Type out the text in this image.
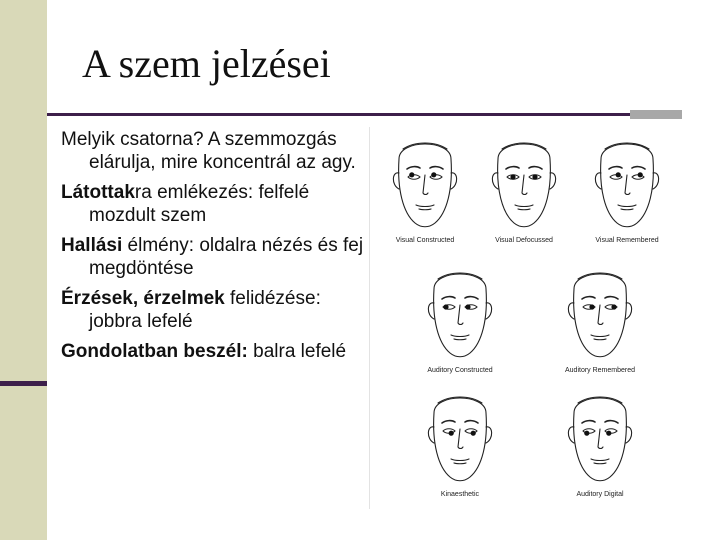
A szem jelzései
Melyik csatorna? A szemmozgás elárulja, mire koncentrál az agy.
Látottakra emlékezés: felfelé mozdult szem
Hallási élmény: oldalra nézés és fej megdöntése
Érzések, érzelmek felidézése: jobbra lefelé
Gondolatban beszél: balra lefelé
Visual Constructed	Visual Defocussed	Visual Remembered
Auditory Constructed	Auditory Remembered
Kinaesthetic	Auditory Digital
